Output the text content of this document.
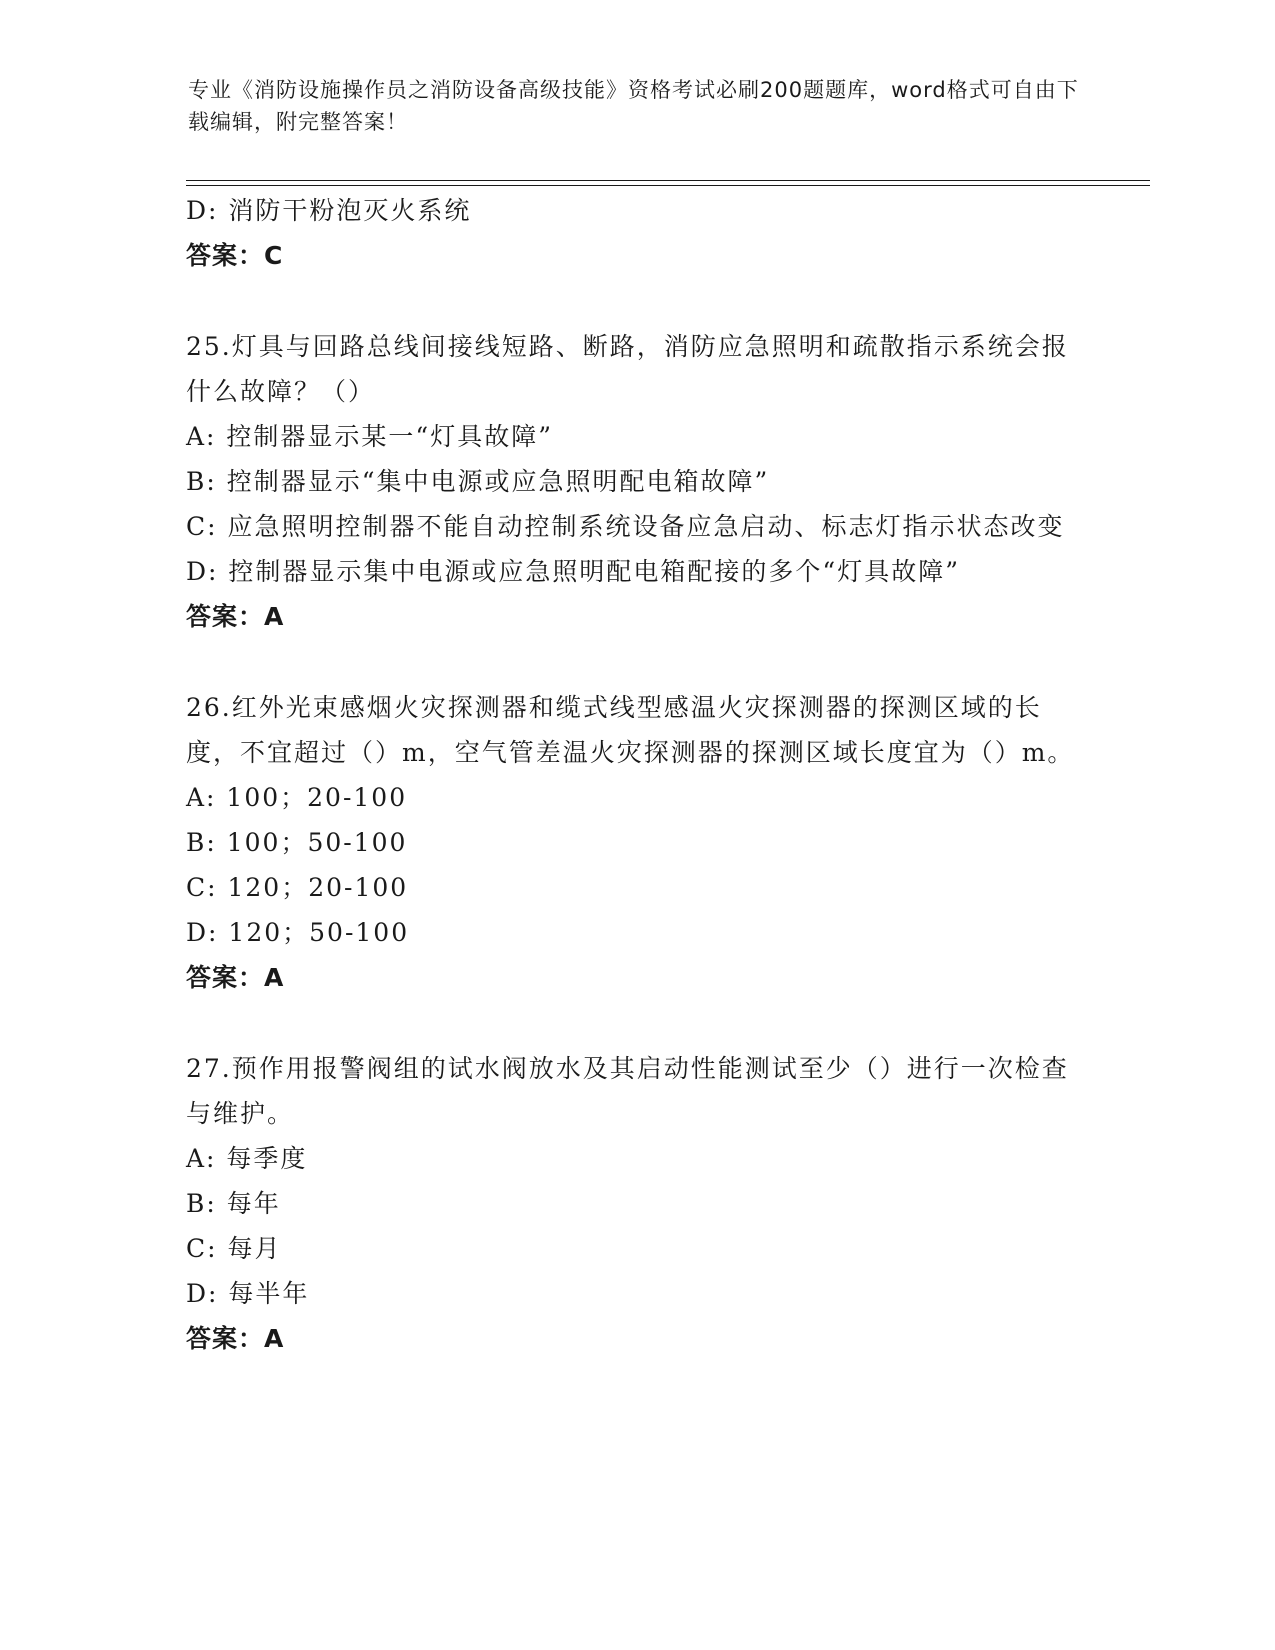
专业《消防设施操作员之消防设备高级技能》资格考试必刷200题题库，word格式可自由下载编辑，附完整答案！
D: 消防干粉泡灭火系统
答案：C
25.灯具与回路总线间接线短路、断路，消防应急照明和疏散指示系统会报什么故障？（）
A: 控制器显示某一“灯具故障”
B: 控制器显示“集中电源或应急照明配电箱故障”
C: 应急照明控制器不能自动控制系统设备应急启动、标志灯指示状态改变
D: 控制器显示集中电源或应急照明配电箱配接的多个“灯具故障”
答案：A
26.红外光束感烟火灾探测器和缆式线型感温火灾探测器的探测区域的长度，不宜超过（）m，空气管差温火灾探测器的探测区域长度宜为（）m。
A: 100；20-100
B: 100；50-100
C: 120；20-100
D: 120；50-100
答案：A
27.预作用报警阀组的试水阀放水及其启动性能测试至少（）进行一次检查与维护。
A: 每季度
B: 每年
C: 每月
D: 每半年
答案：A
